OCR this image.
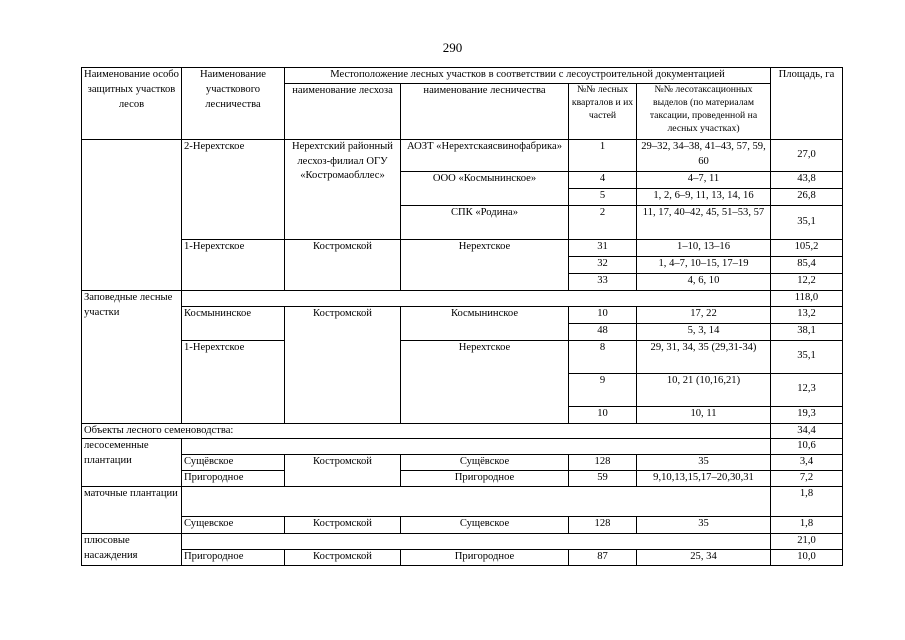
290
Наименование особо защитных участков лесов	Наименование участкового лесничества	Местоположение лесных участков в соответствии с лесоустроительной документацией				Площадь, га
		наименование лесхоза	наименование лесничества	№№ лесных кварталов и их частей	№№ лесотаксационных выделов (по материалам таксации, проведенной на лесных участках)	
	2-Нерехтское	Нерехтский районный лесхоз-филиал ОГУ «Костромаобллес»	АОЗТ «Нерехтскаясвинофабрика»	1	29–32, 34–38, 41–43, 57, 59, 60	27,0
			ООО «Космынинское»	4	4–7, 11	43,8
				5	1, 2, 6–9, 11, 13, 14, 16	26,8
			СПК «Родина»	2	11, 17, 40–42, 45, 51–53, 57	35,1
	1-Нерехтское	Костромской	Нерехтское	31	1–10, 13–16	105,2
				32	1, 4–7, 10–15, 17–19	85,4
				33	4, 6, 10	12,2
Заповедные лесные участки						118,0
	Космынинское	Костромской	Космынинское	10	17, 22	13,2
				48	5, 3, 14	38,1
	1-Нерехтское		Нерехтское	8	29, 31, 34, 35 (29,31-34)	35,1
				9	10, 21 (10,16,21)	12,3
				10	10, 11	19,3
Объекты лесного семеноводства:						34,4
лесосеменные плантации						10,6
	Сущёвское	Костромской	Сущёвское	128	35	3,4
	Пригородное		Пригородное	59	9,10,13,15,17–20,30,31	7,2
маточные плантации						1,8
	Сущевское	Костромской	Сущевское	128	35	1,8
плюсовые насаждения						21,0
	Пригородное	Костромской	Пригородное	87	25, 34	10,0
